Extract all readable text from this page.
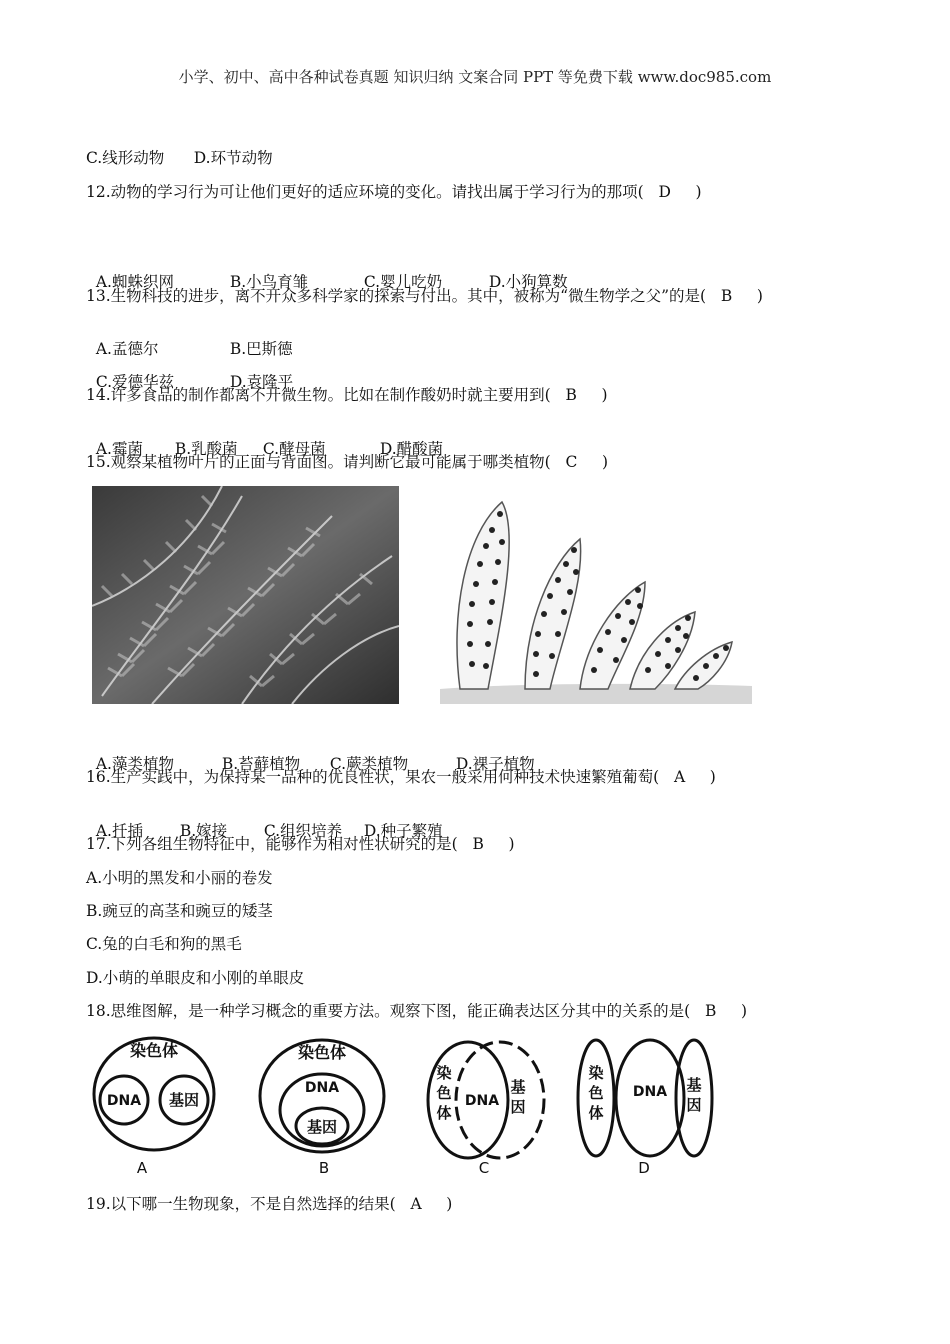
小学、初中、高中各种试卷真题 知识归纳 文案合同 PPT 等免费下载 www.doc985.com
C.线形动物      D.环节动物
12.动物的学习行为可让他们更好的适应环境的变化。请找出属于学习行为的那项(   D     )

A.蜘蛛织网	B.小鸟育雏	C.婴儿吃奶	D.小狗算数

13.生物科技的进步，离不开众多科学家的探索与付出。其中，被称为“微生物学之父”的是(   B     )

A.孟德尔	B.巴斯德

C.爱德华兹	D.袁隆平

14.许多食品的制作都离不开微生物。比如在制作酸奶时就主要用到(   B     )

A.霉菌 B.乳酸菌 C.酵母菌	D.醋酸菌

15.观察某植物叶片的正面与背面图。请判断它最可能属于哪类植物(   C     )

A.藻类植物	B.苔藓植物 C.蕨类植物	D.裸子植物

16.生产实践中，为保持某一品种的优良性状，果农一般采用何种技术快速繁殖葡萄(   A     )

A.扦插 B.嫁接 C.组织培养 D.种子繁殖

17.下列各组生物特征中，能够作为相对性状研究的是(   B     )
A.小明的黑发和小丽的卷发
B.豌豆的高茎和豌豆的矮茎
C.兔的白毛和狗的黑毛
D.小萌的单眼皮和小刚的单眼皮
18.思维图解，是一种学习概念的重要方法。观察下图，能正确表达区分其中的关系的是(   B     )
染色体
DNA 基因
染色体
DNA
基因
染
色
体
DNA
基
因
染
色
体
DNA 基
因
A	B	C	D
19.以下哪一生物现象，不是自然选择的结果(   A     )
